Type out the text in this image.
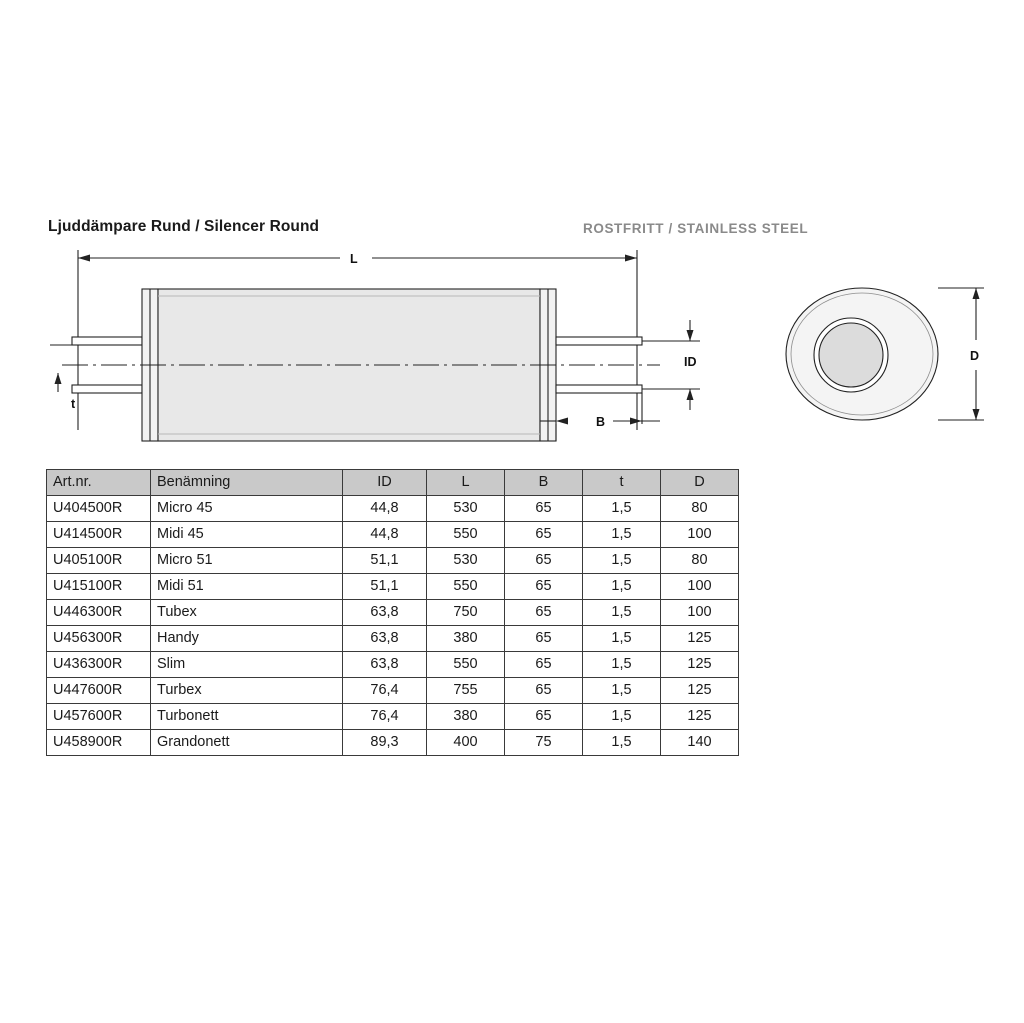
Ljuddämpare Rund / Silencer Round	ROSTFRITT / STAINLESS STEEL
L
ID
B
t
D
Art.nr.	Benämning	ID	L	B	t	D
U404500R	Micro 45	44,8	530	65	1,5	80
U414500R	Midi 45	44,8	550	65	1,5	100
U405100R	Micro 51	51,1	530	65	1,5	80
U415100R	Midi 51	51,1	550	65	1,5	100
U446300R	Tubex	63,8	750	65	1,5	100
U456300R	Handy	63,8	380	65	1,5	125
U436300R	Slim	63,8	550	65	1,5	125
U447600R	Turbex	76,4	755	65	1,5	125
U457600R	Turbonett	76,4	380	65	1,5	125
U458900R	Grandonett	89,3	400	75	1,5	140
